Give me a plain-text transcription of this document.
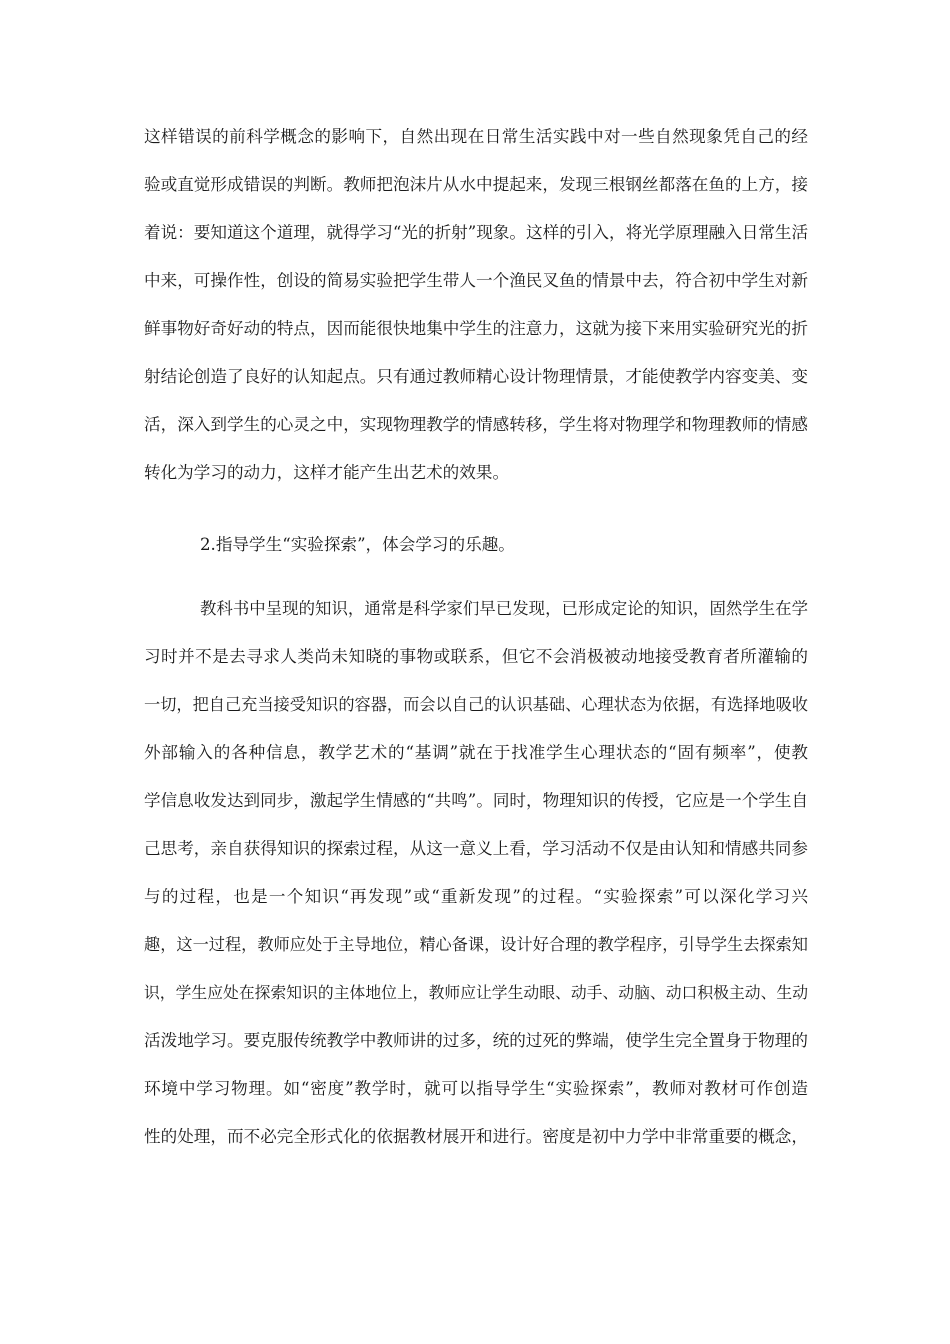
这样错误的前科学概念的影响下，自然出现在日常生活实践中对一些自然现象凭自己的经
验或直觉形成错误的判断。教师把泡沫片从水中提起来，发现三根钢丝都落在鱼的上方，接
着说：要知道这个道理，就得学习“光的折射”现象。这样的引入，将光学原理融入日常生活
中来，可操作性，创设的简易实验把学生带人一个渔民叉鱼的情景中去，符合初中学生对新
鲜事物好奇好动的特点，因而能很快地集中学生的注意力，这就为接下来用实验研究光的折
射结论创造了良好的认知起点。只有通过教师精心设计物理情景，才能使教学内容变美、变
活，深入到学生的心灵之中，实现物理教学的情感转移，学生将对物理学和物理教师的情感
转化为学习的动力，这样才能产生出艺术的效果。
2.指导学生“实验探索”，体会学习的乐趣。
教科书中呈现的知识，通常是科学家们早已发现，已形成定论的知识，固然学生在学
习时并不是去寻求人类尚未知晓的事物或联系，但它不会消极被动地接受教育者所灌输的
一切，把自己充当接受知识的容器，而会以自己的认识基础、心理状态为依据，有选择地吸收
外部输入的各种信息，教学艺术的“基调”就在于找准学生心理状态的“固有频率”，使教
学信息收发达到同步，激起学生情感的“共鸣”。同时，物理知识的传授，它应是一个学生自
己思考，亲自获得知识的探索过程，从这一意义上看，学习活动不仅是由认知和情感共同参
与的过程，也是一个知识“再发现”或“重新发现”的过程。“实验探索”可以深化学习兴
趣，这一过程，教师应处于主导地位，精心备课，设计好合理的教学程序，引导学生去探索知
识，学生应处在探索知识的主体地位上，教师应让学生动眼、动手、动脑、动口积极主动、生动
活泼地学习。要克服传统教学中教师讲的过多，统的过死的弊端，使学生完全置身于物理的
环境中学习物理。如“密度”教学时，就可以指导学生“实验探索”，教师对教材可作创造
性的处理，而不必完全形式化的依据教材展开和进行。密度是初中力学中非常重要的概念，
